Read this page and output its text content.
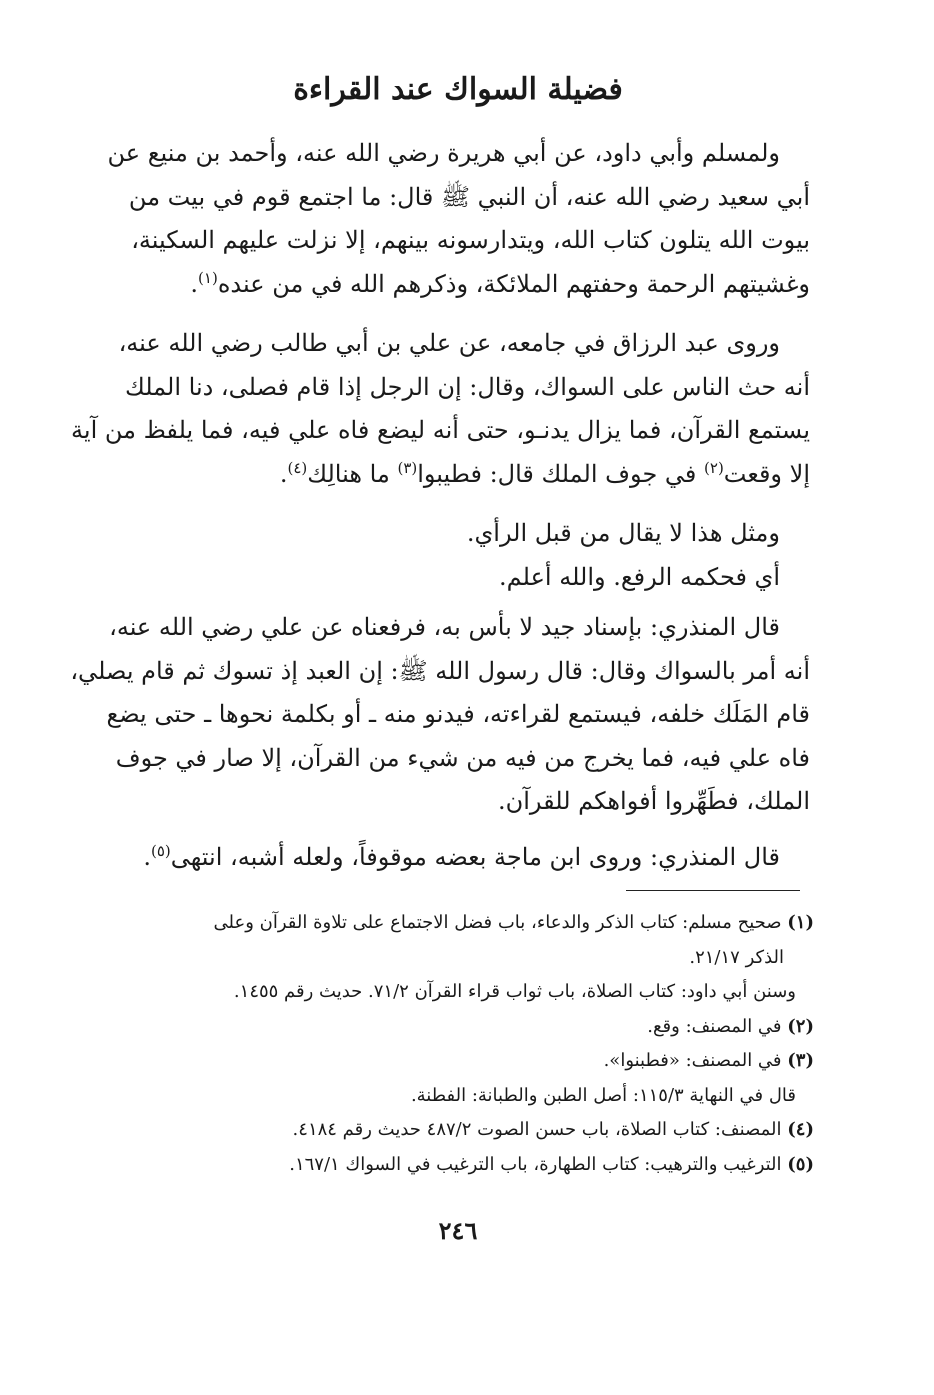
فضيلة السواك عند القراءة
ولمسلم وأبي داود، عن أبي هريرة رضي الله عنه، وأحمد بن منيع عن
أبي سعيد رضي الله عنه، أن النبي ﷺ قال: ما اجتمع قوم في بيت من
بيوت الله يتلون كتاب الله، ويتدارسونه بينهم، إلا نزلت عليهم السكينة،
وغشيتهم الرحمة وحفتهم الملائكة، وذكرهم الله في من عنده$^{(١)}$.
وروى عبد الرزاق في جامعه، عن علي بن أبي طالب رضي الله عنه،
أنه حث الناس على السواك، وقال: إن الرجل إذا قام فصلى، دنا الملك
يستمع القرآن، فما يزال يدنـو، حتى أنه ليضع فاه علي فيه، فما يلفظ من آية
إلا وقعت$^{(٢)}$ في جوف الملك قال: فطيبوا$^{(٣)}$ ما هنالِك$^{(٤)}$.
ومثل هذا لا يقال من قبل الرأي.
أي فحكمه الرفع. والله أعلم.
قال المنذري: بإسناد جيد لا بأس به، فرفعناه عن علي رضي الله عنه،
أنه أمر بالسواك وقال: قال رسول الله ﷺ: إن العبد إذ تسوك ثم قام يصلي،
قام المَلَك خلفه، فيستمع لقراءته، فيدنو منه ـ أو بكلمة نحوها ـ حتى يضع
فاه علي فيه، فما يخرج من فيه من شيء من القرآن، إلا صار في جوف
الملك، فطَهِّروا أفواهكم للقرآن.
قال المنذري: وروى ابن ماجة بعضه موقوفاً، ولعله أشبه، انتهى$^{(٥)}$.
(١) صحيح مسلم: كتاب الذكر والدعاء، باب فضل الاجتماع على تلاوة القرآن وعلى
الذكر ٢١/١٧.
وسنن أبي داود: كتاب الصلاة، باب ثواب قراء القرآن ٧١/٢. حديث رقم ١٤٥٥.
(٢) في المصنف: وقع.
(٣) في المصنف: «فطبنوا».
قال في النهاية ١١٥/٣: أصل الطبن والطبانة: الفطنة.
(٤) المصنف: كتاب الصلاة، باب حسن الصوت ٤٨٧/٢ حديث رقم ٤١٨٤.
(٥) الترغيب والترهيب: كتاب الطهارة، باب الترغيب في السواك ١٦٧/١.
٢٤٦
